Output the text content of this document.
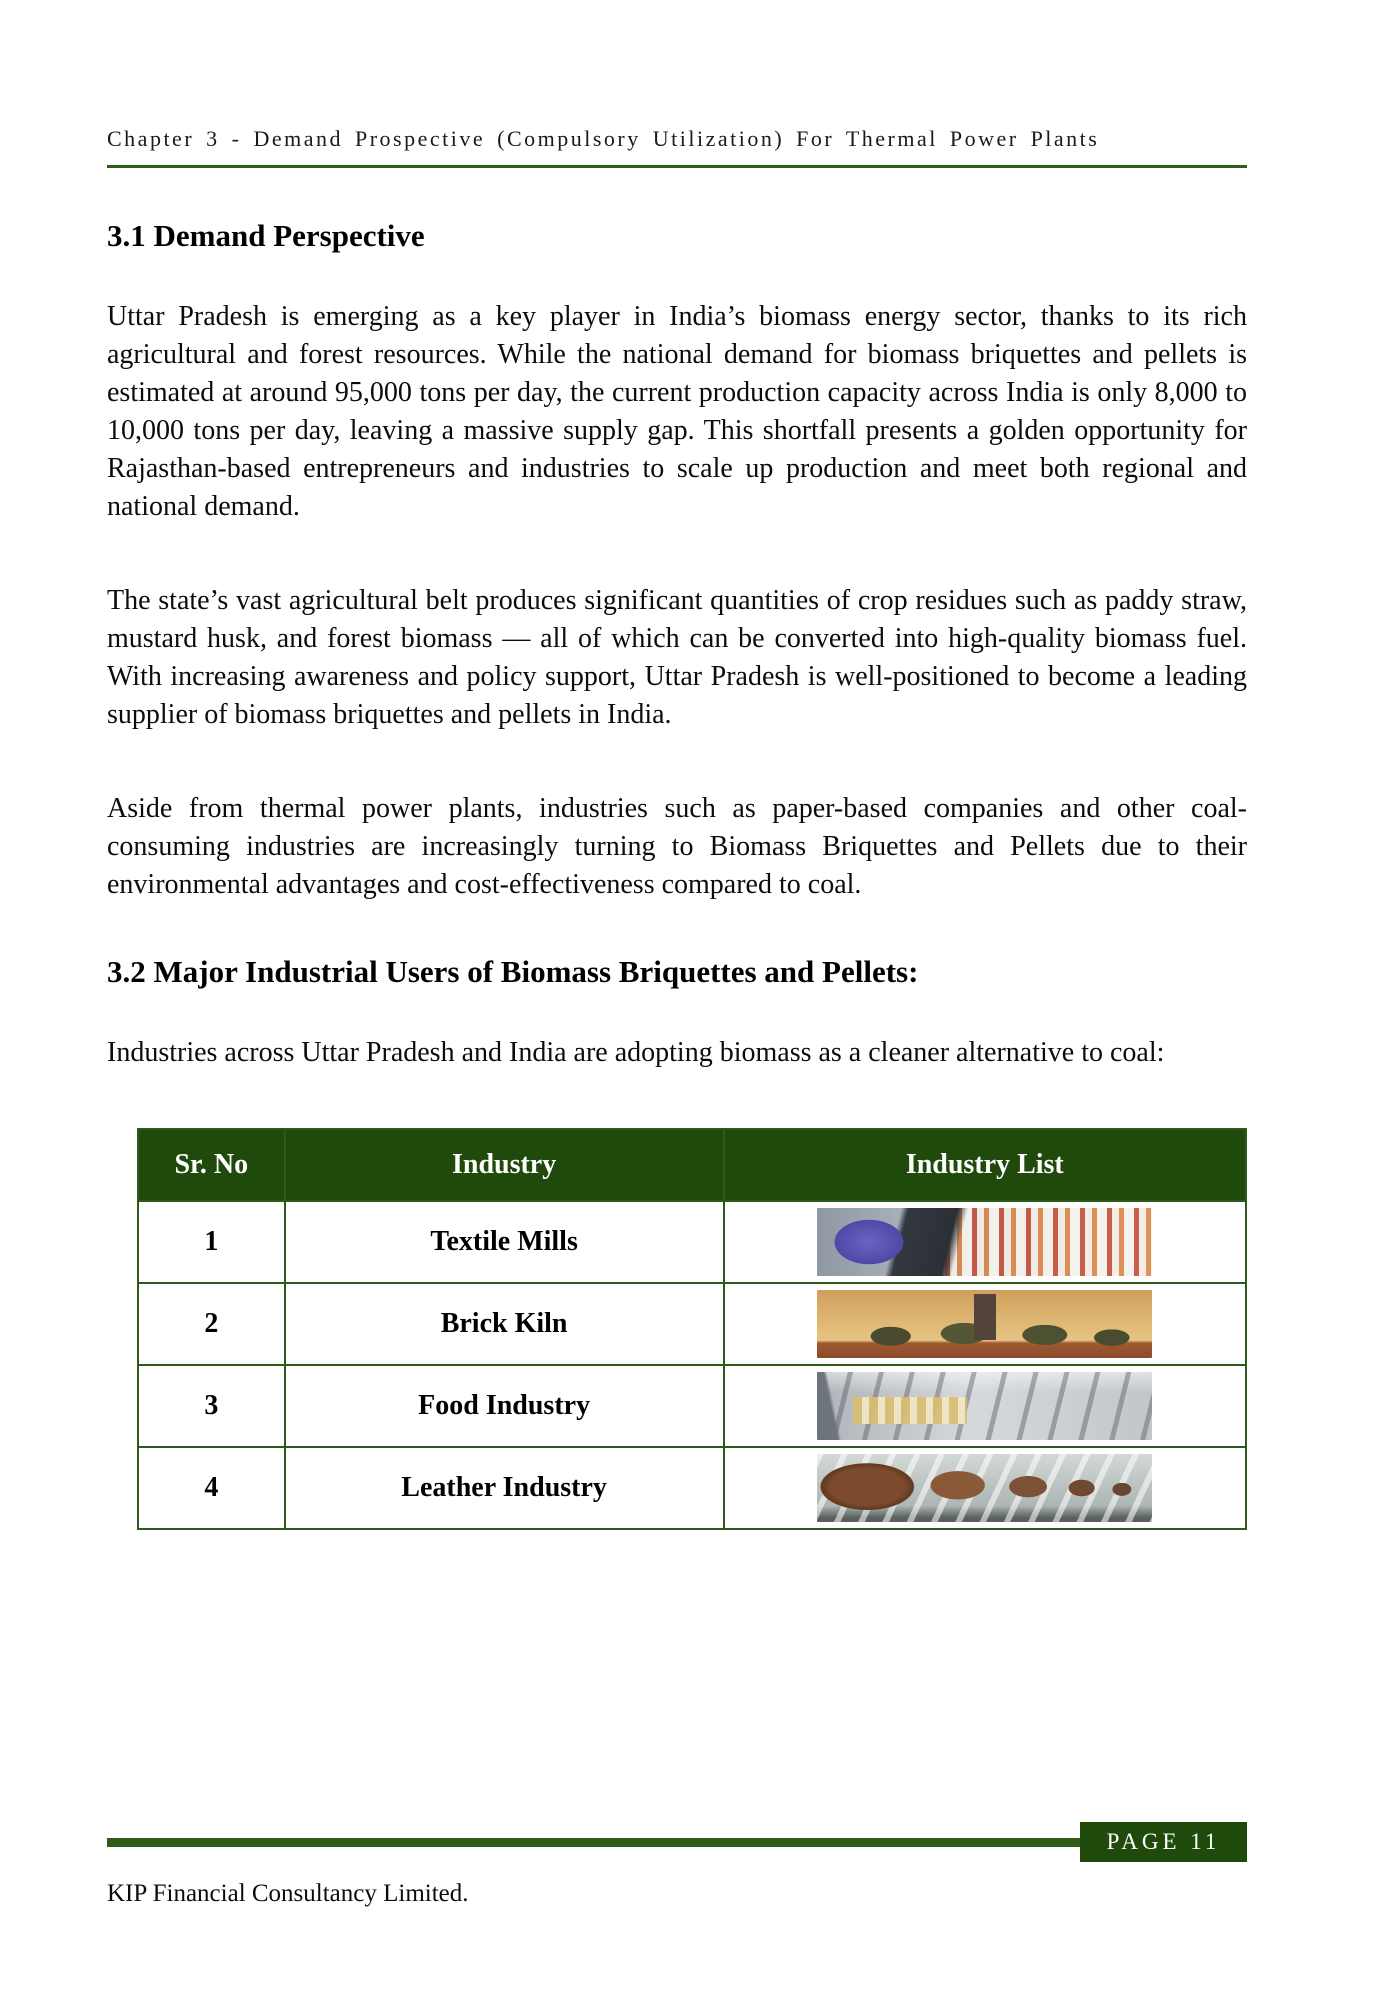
Chapter 3 - Demand Prospective (Compulsory Utilization) For Thermal Power Plants
3.1 Demand Perspective

Uttar Pradesh is emerging as a key player in India’s biomass energy sector, thanks to its rich agricultural and forest resources. While the national demand for biomass briquettes and pellets is estimated at around 95,000 tons per day, the current production capacity across India is only 8,000 to 10,000 tons per day, leaving a massive supply gap. This shortfall presents a golden opportunity for Rajasthan-based entrepreneurs and industries to scale up production and meet both regional and national demand.

The state’s vast agricultural belt produces significant quantities of crop residues such as paddy straw, mustard husk, and forest biomass — all of which can be converted into high-quality biomass fuel. With increasing awareness and policy support, Uttar Pradesh is well-positioned to become a leading supplier of biomass briquettes and pellets in India.

Aside from thermal power plants, industries such as paper-based companies and other coal-consuming industries are increasingly turning to Biomass Briquettes and Pellets due to their environmental advantages and cost-effectiveness compared to coal.

3.2 Major Industrial Users of Biomass Briquettes and Pellets:

Industries across Uttar Pradesh and India are adopting biomass as a cleaner alternative to coal:

Sr. No	Industry	Industry List
1	Textile Mills	

2	Brick Kiln	

3	Food Industry	

4	Leather Industry	
PAGE 11
KIP Financial Consultancy Limited.
